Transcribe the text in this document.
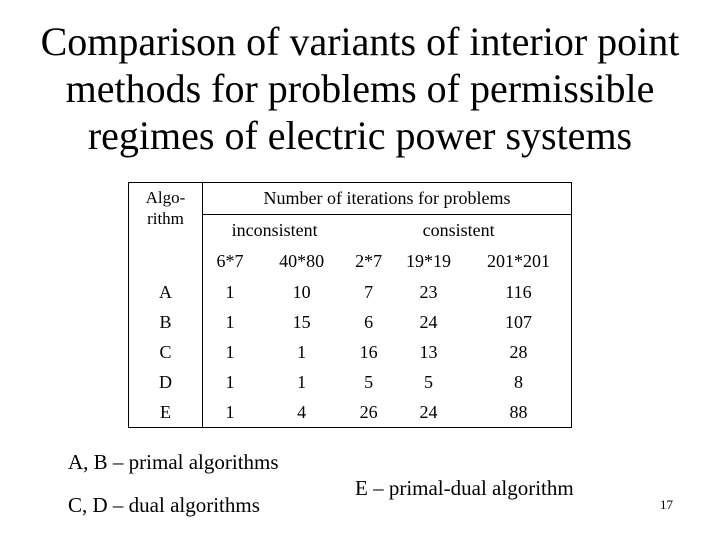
Comparison of variants of interior point
methods for problems of permissible
regimes of electric power systems
Algo-
rithm	Number of iterations for problems				
	inconsistent		consistent		
	6*7	40*80	2*7	19*19	201*201
A	1	10	7	23	116
B	1	15	6	24	107
C	1	1	16	13	28
D	1	1	5	5	8
E	1	4	26	24	88
A, B – primal algorithms
C, D – dual algorithms
E – primal-dual algorithm
17
